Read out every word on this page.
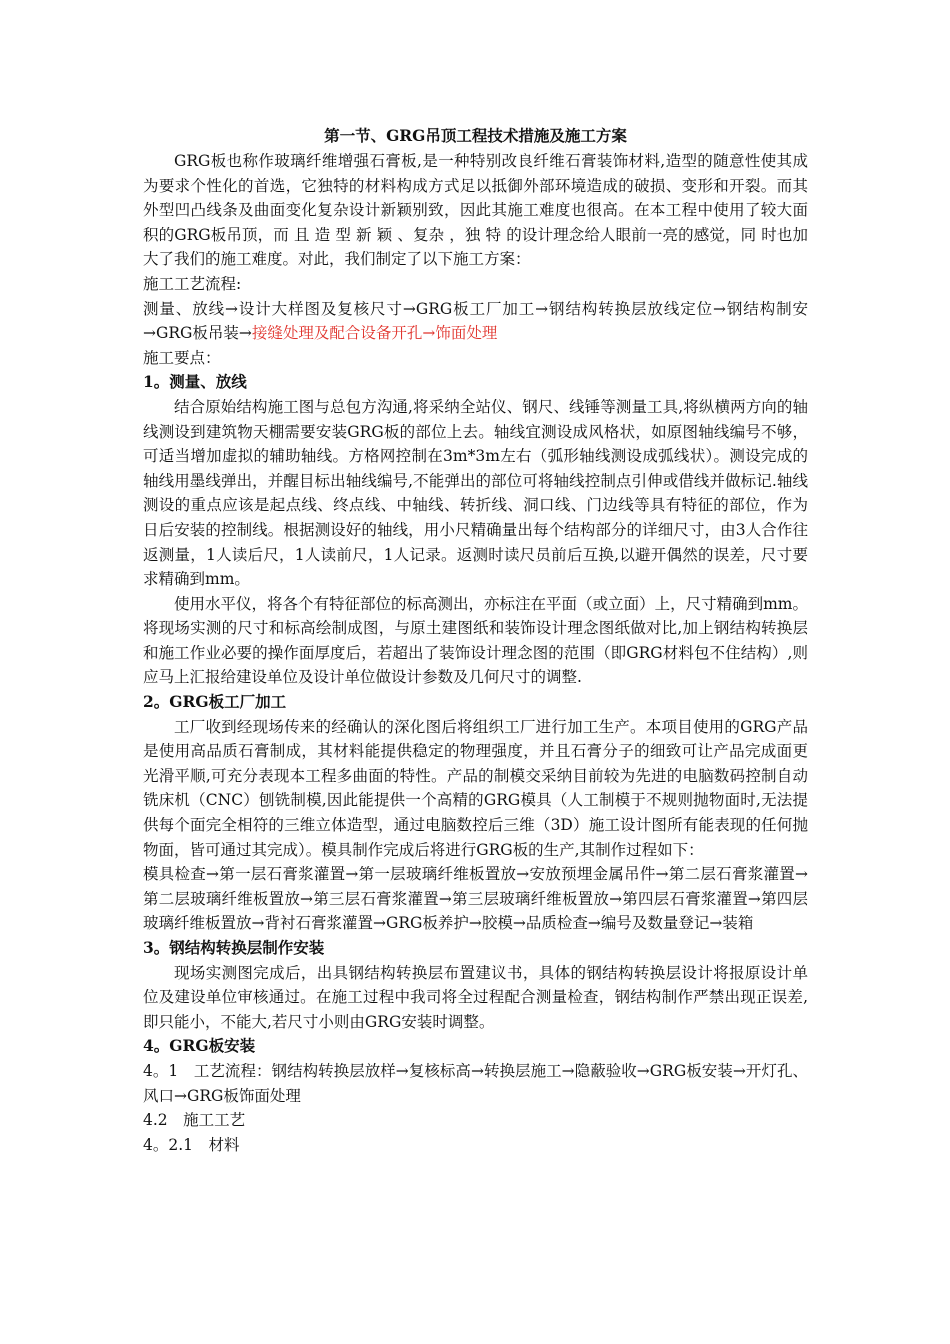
第一节、GRG吊顶工程技术措施及施工方案

GRG板也称作玻璃纤维增强石膏板,是一种特别改良纤维石膏装饰材料,造型的随意性使其成为要求个性化的首选，它独特的材料构成方式足以抵御外部环境造成的破损、变形和开裂。而其外型凹凸线条及曲面变化复杂设计新颖别致，因此其施工难度也很高。在本工程中使用了较大面积的GRG板吊顶，而 且 造 型 新 颖 、复杂 ，独 特 的设计理念给人眼前一亮的感觉，同 时也加大了我们的施工难度。对此，我们制定了以下施工方案：

施工工艺流程:

测量、放线→设计大样图及复核尺寸→GRG板工厂加工→钢结构转换层放线定位→钢结构制安→GRG板吊装→接缝处理及配合设备开孔→饰面处理

施工要点：

1。测量、放线

结合原始结构施工图与总包方沟通,将采纳全站仪、钢尺、线锤等测量工具,将纵横两方向的轴线测设到建筑物天棚需要安装GRG板的部位上去。轴线宜测设成风格状，如原图轴线编号不够，可适当增加虚拟的辅助轴线。方格网控制在3m*3m左右（弧形轴线测设成弧线状）。测设完成的轴线用墨线弹出，并醒目标出轴线编号,不能弹出的部位可将轴线控制点引伸或借线并做标记.轴线测设的重点应该是起点线、终点线、中轴线、转折线、洞口线、门边线等具有特征的部位，作为日后安装的控制线。根据测设好的轴线，用小尺精确量出每个结构部分的详细尺寸，由3人合作往返测量，1人读后尺，1人读前尺，1人记录。返测时读尺员前后互换,以避开偶然的误差，尺寸要求精确到mm。

使用水平仪，将各个有特征部位的标高测出，亦标注在平面（或立面）上，尺寸精确到mm。将现场实测的尺寸和标高绘制成图，与原土建图纸和装饰设计理念图纸做对比,加上钢结构转换层和施工作业必要的操作面厚度后，若超出了装饰设计理念图的范围（即GRG材料包不住结构）,则应马上汇报给建设单位及设计单位做设计参数及几何尺寸的调整.

2。GRG板工厂加工

工厂收到经现场传来的经确认的深化图后将组织工厂进行加工生产。本项目使用的GRG产品是使用高品质石膏制成，其材料能提供稳定的物理强度，并且石膏分子的细致可让产品完成面更光滑平顺,可充分表现本工程多曲面的特性。产品的制模交采纳目前较为先进的电脑数码控制自动铣床机（CNC）刨铣制模,因此能提供一个高精的GRG模具（人工制模于不规则抛物面时,无法提供每个面完全相符的三维立体造型，通过电脑数控后三维（3D）施工设计图所有能表现的任何抛物面，皆可通过其完成）。模具制作完成后将进行GRG板的生产,其制作过程如下：

模具检查→第一层石膏浆灌置→第一层玻璃纤维板置放→安放预埋金属吊件→第二层石膏浆灌置→第二层玻璃纤维板置放→第三层石膏浆灌置→第三层玻璃纤维板置放→第四层石膏浆灌置→第四层玻璃纤维板置放→背衬石膏浆灌置→GRG板养护→胶模→品质检查→编号及数量登记→装箱

3。钢结构转换层制作安装

现场实测图完成后，出具钢结构转换层布置建议书，具体的钢结构转换层设计将报原设计单位及建设单位审核通过。在施工过程中我司将全过程配合测量检查，钢结构制作严禁出现正误差,即只能小，不能大,若尺寸小则由GRG安装时调整。

4。GRG板安装

4。1　工艺流程：钢结构转换层放样→复核标高→转换层施工→隐蔽验收→GRG板安装→开灯孔、风口→GRG板饰面处理

4.2　施工工艺

4。2.1　材料
